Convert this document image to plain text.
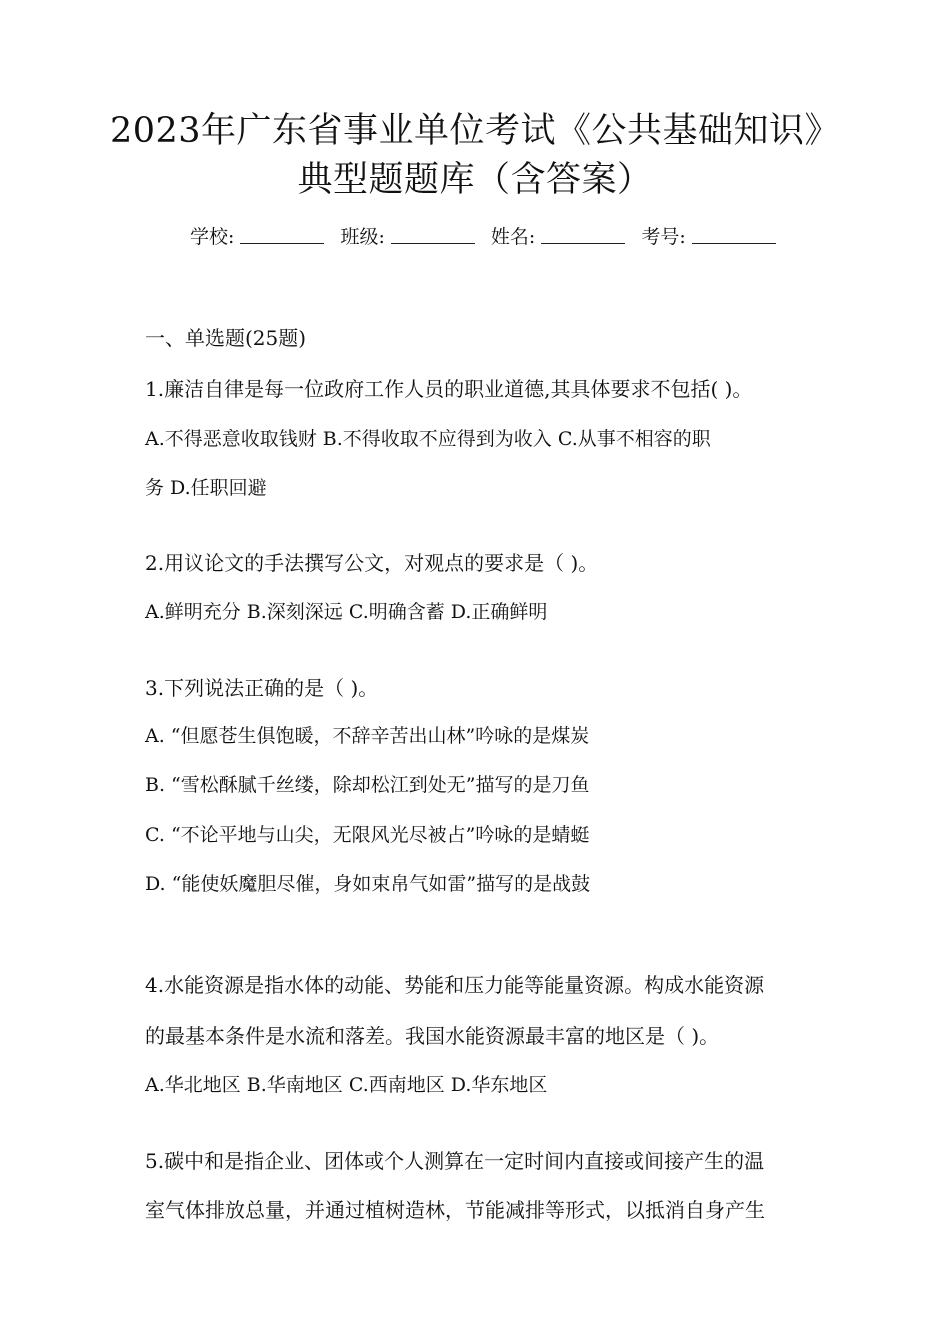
2023年广东省事业单位考试《公共基础知识》
典型题题库（含答案）
学校:	班级:	姓名:	考号:
一、单选题(25题)
1.廉洁自律是每一位政府工作人员的职业道德,其具体要求不包括( )。
A.不得恶意收取钱财 B.不得收取不应得到为收入 C.从事不相容的职
务 D.任职回避
2.用议论文的手法撰写公文，对观点的要求是（ )。
A.鲜明充分 B.深刻深远 C.明确含蓄 D.正确鲜明
3.下列说法正确的是（ )。
A. “但愿苍生俱饱暖，不辞辛苦出山林”吟咏的是煤炭
B. “雪松酥腻千丝缕，除却松江到处无”描写的是刀鱼
C. “不论平地与山尖，无限风光尽被占”吟咏的是蜻蜓
D. “能使妖魔胆尽催，身如束帛气如雷”描写的是战鼓
4.水能资源是指水体的动能、势能和压力能等能量资源。构成水能资源
的最基本条件是水流和落差。我国水能资源最丰富的地区是（ )。
A.华北地区 B.华南地区 C.西南地区 D.华东地区
5.碳中和是指企业、团体或个人测算在一定时间内直接或间接产生的温
室气体排放总量，并通过植树造林，节能减排等形式，以抵消自身产生
